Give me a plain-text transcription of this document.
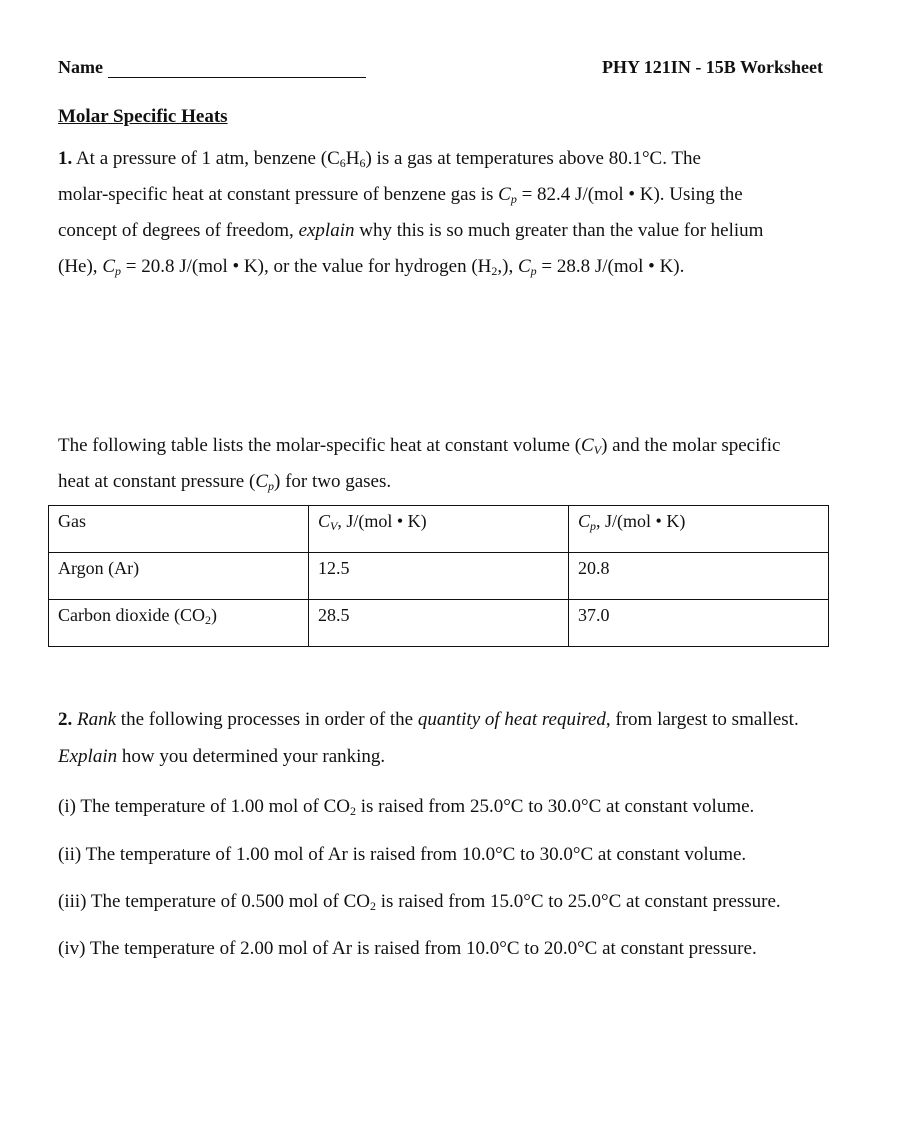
Name	PHY 121IN - 15B Worksheet
Molar Specific Heats
1. At a pressure of 1 atm, benzene $(C_6H_6)$ is a gas at temperatures above 80.1°C. The
molar-specific heat at constant pressure of benzene gas is $C_p = 82.4$ J/(mol • K). Using the
concept of degrees of freedom, explain why this is so much greater than the value for helium
(He), $C_p = 20.8$ J/(mol • K), or the value for hydrogen $(H_2,)$, $C_p = 28.8$ J/(mol • K).
The following table lists the molar-specific heat at constant volume $(C_V)$ and the molar specific
heat at constant pressure $(C_p)$ for two gases.
Gas	$C_V$, J/(mol • K)	$C_p$, J/(mol • K)
Argon (Ar)	12.5	20.8
Carbon dioxide $(CO_2)$	28.5	37.0
2. Rank the following processes in order of the quantity of heat required, from largest to smallest.
Explain how you determined your ranking.
(i) The temperature of 1.00 mol of $CO_2$ is raised from 25.0°C to 30.0°C at constant volume.
(ii) The temperature of 1.00 mol of Ar is raised from 10.0°C to 30.0°C at constant volume.
(iii) The temperature of 0.500 mol of $CO_2$ is raised from 15.0°C to 25.0°C at constant pressure.
(iv) The temperature of 2.00 mol of Ar is raised from 10.0°C to 20.0°C at constant pressure.
